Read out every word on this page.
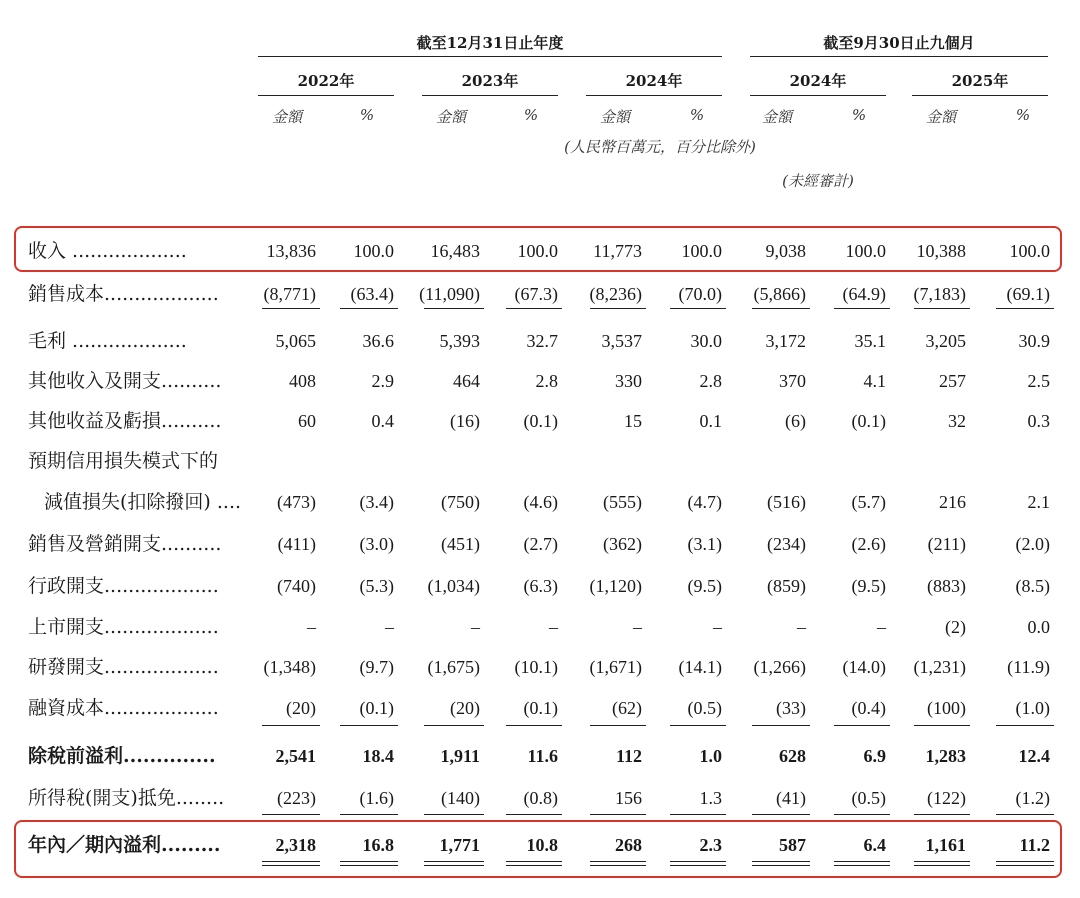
截至12月31日止年度	截至9月30日止九個月
2022年	2023年	2024年	2024年	2025年
金額	%	金額	%	金額	%	金額	%	金額	%
(人民幣百萬元，百分比除外)
(未經審計)
收入 ...................	13,836	100.0	16,483	100.0	11,773	100.0	9,038	100.0	10,388	100.0
銷售成本...................	(8,771)	(63.4)	(11,090)	(67.3)	(8,236)	(70.0)	(5,866)	(64.9)	(7,183)	(69.1)
毛利 ...................	5,065	36.6	5,393	32.7	3,537	30.0	3,172	35.1	3,205	30.9
其他收入及開支..........	408	2.9	464	2.8	330	2.8	370	4.1	257	2.5
其他收益及虧損..........	60	0.4	(16)	(0.1)	15	0.1	(6)	(0.1)	32	0.3
預期信用損失模式下的
減值損失(扣除撥回) ....	(473)	(3.4)	(750)	(4.6)	(555)	(4.7)	(516)	(5.7)	216	2.1
銷售及營銷開支..........	(411)	(3.0)	(451)	(2.7)	(362)	(3.1)	(234)	(2.6)	(211)	(2.0)
行政開支...................	(740)	(5.3)	(1,034)	(6.3)	(1,120)	(9.5)	(859)	(9.5)	(883)	(8.5)
上市開支...................	–	–	–	–	–	–	–	–	(2)	0.0
研發開支...................	(1,348)	(9.7)	(1,675)	(10.1)	(1,671)	(14.1)	(1,266)	(14.0)	(1,231)	(11.9)
融資成本...................	(20)	(0.1)	(20)	(0.1)	(62)	(0.5)	(33)	(0.4)	(100)	(1.0)
除稅前溢利..............	2,541	18.4	1,911	11.6	112	1.0	628	6.9	1,283	12.4
所得稅(開支)抵免........	(223)	(1.6)	(140)	(0.8)	156	1.3	(41)	(0.5)	(122)	(1.2)
年內／期內溢利.........	2,318	16.8	1,771	10.8	268	2.3	587	6.4	1,161	11.2
